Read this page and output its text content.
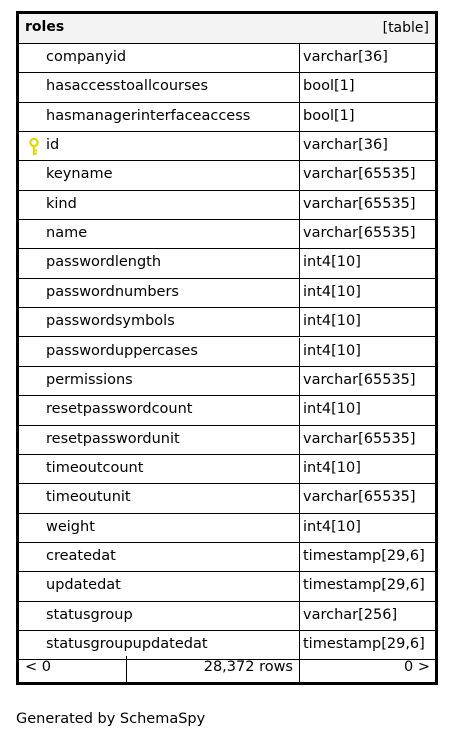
roles	[table]
companyid	varchar[36]
hasaccesstoallcourses	bool[1]
hasmanagerinterfaceaccess	bool[1]
id	varchar[36]
keyname	varchar[65535]
kind	varchar[65535]
name	varchar[65535]
passwordlength	int4[10]
passwordnumbers	int4[10]
passwordsymbols	int4[10]
passworduppercases	int4[10]
permissions	varchar[65535]
resetpasswordcount	int4[10]
resetpasswordunit	varchar[65535]
timeoutcount	int4[10]
timeoutunit	varchar[65535]
weight	int4[10]
createdat	timestamp[29,6]
updatedat	timestamp[29,6]
statusgroup	varchar[256]
statusgroupupdatedat	timestamp[29,6]
< 0	28,372 rows	0 >
Generated by SchemaSpy
